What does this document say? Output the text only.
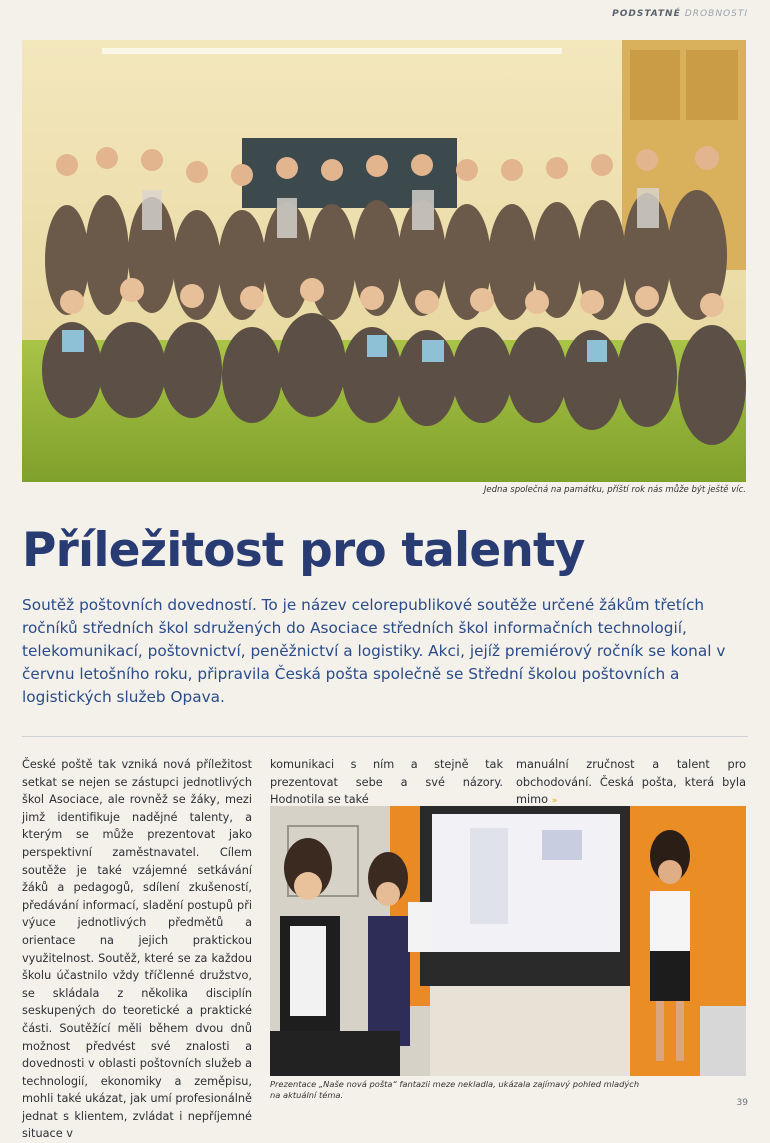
PODSTATNÉ DROBNOSTI
Jedna společná na památku, příští rok nás může být ještě víc.
Příležitost pro talenty

Soutěž poštovních dovedností. To je název celorepublikové soutěže určené žákům třetích ročníků středních škol sdružených do Asociace středních škol informačních technologií, telekomunikací, poštovnictví, peněžnictví a logistiky. Akci, jejíž premiérový ročník se konal v červnu letošního roku, připravila Česká pošta společně se Střední školou poštovních a logistických služeb Opava.

České poště tak vzniká nová příležitost setkat se nejen se zástupci jednotlivých škol Asociace, ale rovněž se žáky, mezi jimž identifikuje nadějné talenty, a kterým se může prezentovat jako perspektivní zaměstnavatel. Cílem soutěže je také vzájemné setkávání žáků a pedagogů, sdílení zkušeností, předávání informací, sladění postupů při výuce jednotlivých předmětů a orientace na jejich praktickou využitelnost. Soutěž, které se za každou školu účastnilo vždy tříčlenné družstvo, se skládala z několika disciplín seskupených do teoretické a praktické části. Soutěžící měli během dvou dnů možnost předvést své znalosti a dovednosti v oblasti poštovních služeb a technologií, ekonomiky a zeměpisu, mohli také ukázat, jak umí profesionálně jednat s klientem, zvládat i nepříjemné situace v

komunikaci s ním a stejně tak prezentovat sebe a své názory. Hodnotila se také

manuální zručnost a talent pro obchodování. Česká pošta, která byla mimo »

Prezentace „Naše nová pošta“ fantazii meze nekladla, ukázala zajímavý pohled mladých na aktuální téma.
39
